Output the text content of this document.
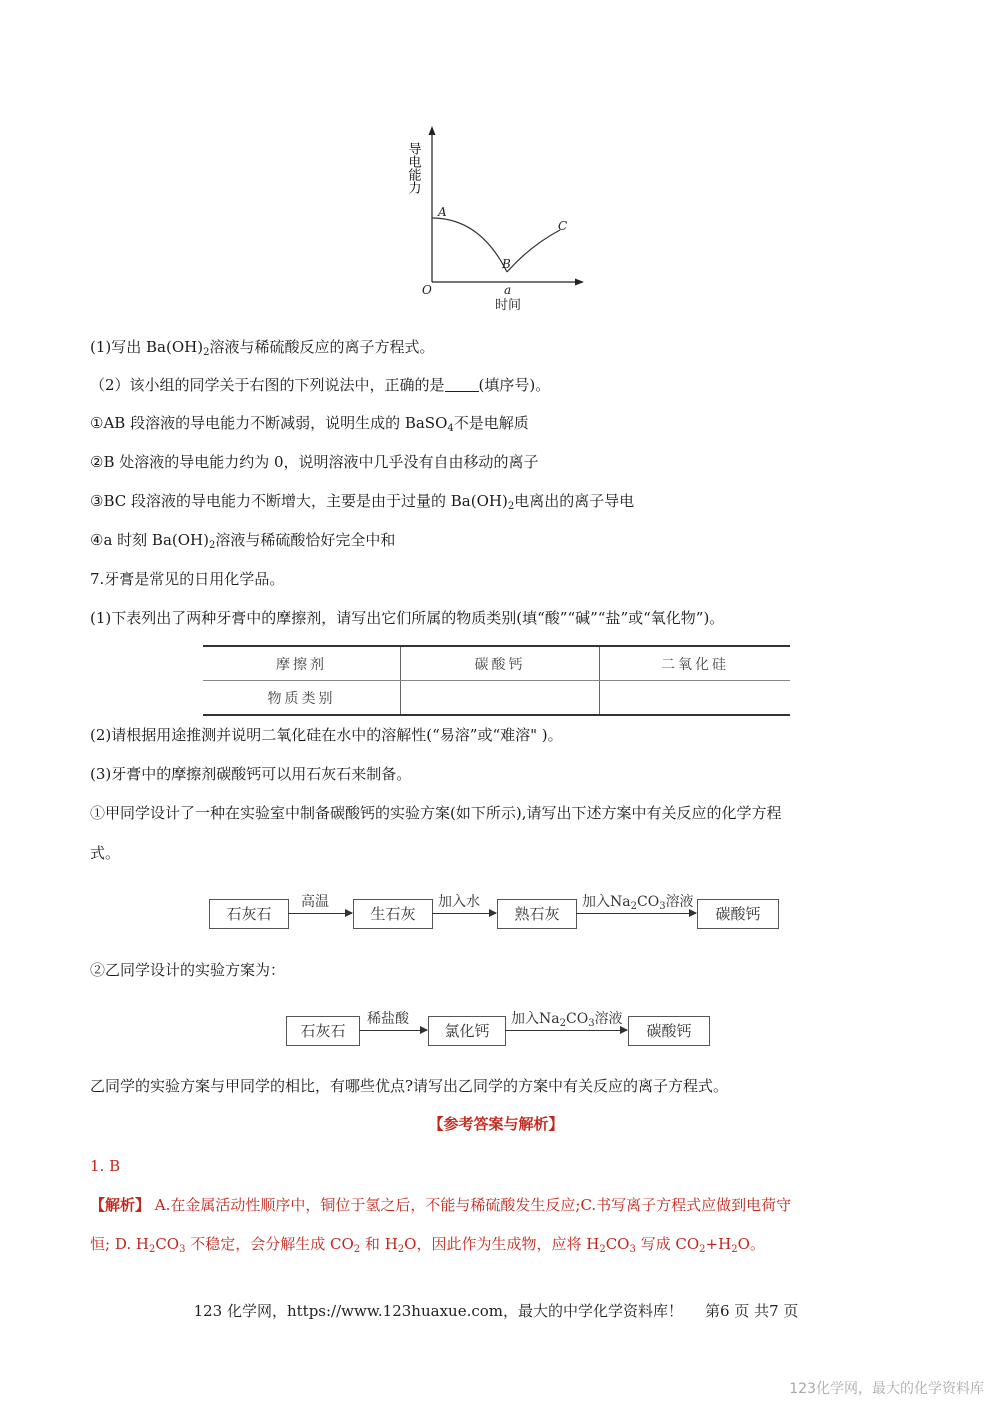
导电能力
A
B
C
O	a
时间
(1)写出 $Ba(OH)_2$溶液与稀硫酸反应的离子方程式。
（2）该小组的同学关于右图的下列说法中，正确的是 (填序号)。
①AB 段溶液的导电能力不断减弱，说明生成的 BaSO$_4$不是电解质
②B 处溶液的导电能力约为 0，说明溶液中几乎没有自由移动的离子
③BC 段溶液的导电能力不断增大，主要是由于过量的 $Ba(OH)_2$电离出的离子导电
④a 时刻 $Ba(OH)_2$溶液与稀硫酸恰好完全中和
7.牙膏是常见的日用化学品。
(1)下表列出了两种牙膏中的摩擦剂，请写出它们所属的物质类别(填“酸”“碱”“盐”或“氧化物”)。
摩擦剂	碳酸钙	二氧化硅
物质类别		
(2)请根据用途推测并说明二氧化硅在水中的溶解性(“易溶”或“难溶" )。
(3)牙膏中的摩擦剂碳酸钙可以用石灰石来制备。
①甲同学设计了一种在实验室中制备碳酸钙的实验方案(如下所示),请写出下述方案中有关反应的化学方程
式。
石灰石
高温
生石灰
加入水
熟石灰
加入$Na_2CO_3$溶液
碳酸钙
②乙同学设计的实验方案为：
石灰石
稀盐酸
氯化钙
加入$Na_2CO_3$溶液
碳酸钙
乙同学的实验方案与甲同学的相比，有哪些优点?请写出乙同学的方案中有关反应的离子方程式。
【参考答案与解析】
1. B
【解析】 A.在金属活动性顺序中，铜位于氢之后，不能与稀硫酸发生反应;C.书写离子方程式应做到电荷守
恒; D. $H_2CO_3$ 不稳定，会分解生成 $CO_2$ 和 $H_2O$，因此作为生成物，应将 $H_2CO_3$ 写成 $CO_2+H_2O$。
123 化学网，https://www.123huaxue.com，最大的中学化学资料库！ 第6 页 共7 页
123化学网，最大的化学资料库
